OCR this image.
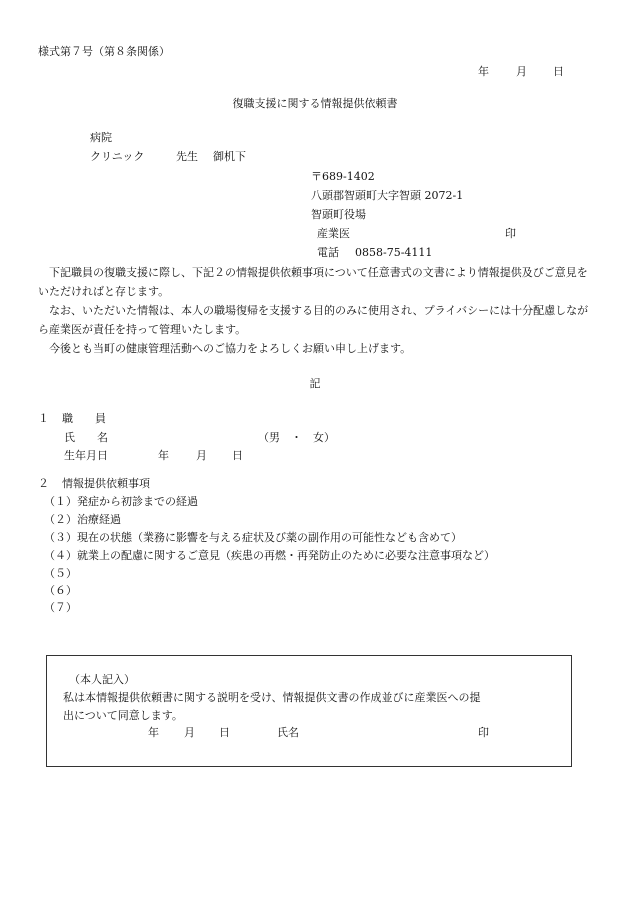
様式第７号（第８条関係）
年 月 日
復職支援に関する情報提供依頼書
病院
クリニック	先生 御机下
〒689-1402
八頭郡智頭町大字智頭 2072-1
智頭町役場
産業医	印
電話 0858-75-4111
下記職員の復職支援に際し、下記２の情報提供依頼事項について任意書式の文書により情報提供及びご意見をいただければと存じます。
なお、いただいた情報は、本人の職場復帰を支援する目的のみに使用され、プライバシーには十分配慮しながら産業医が責任を持って管理いたします。
今後とも当町の健康管理活動へのご協力をよろしくお願い申し上げます。
記
１ 職　　員
氏　　名	（男　・　女）
生年月日	年 月 日
２ 情報提供依頼事項
（１）発症から初診までの経過
（２）治療経過
（３）現在の状態（業務に影響を与える症状及び薬の副作用の可能性なども含めて）
（４）就業上の配慮に関するご意見（疾患の再燃・再発防止のために必要な注意事項など）
（５）
（６）
（７）
（本人記入）
私は本情報提供依頼書に関する説明を受け、情報提供文書の作成並びに産業医への提
出について同意します。
年 月 日	氏名	印
